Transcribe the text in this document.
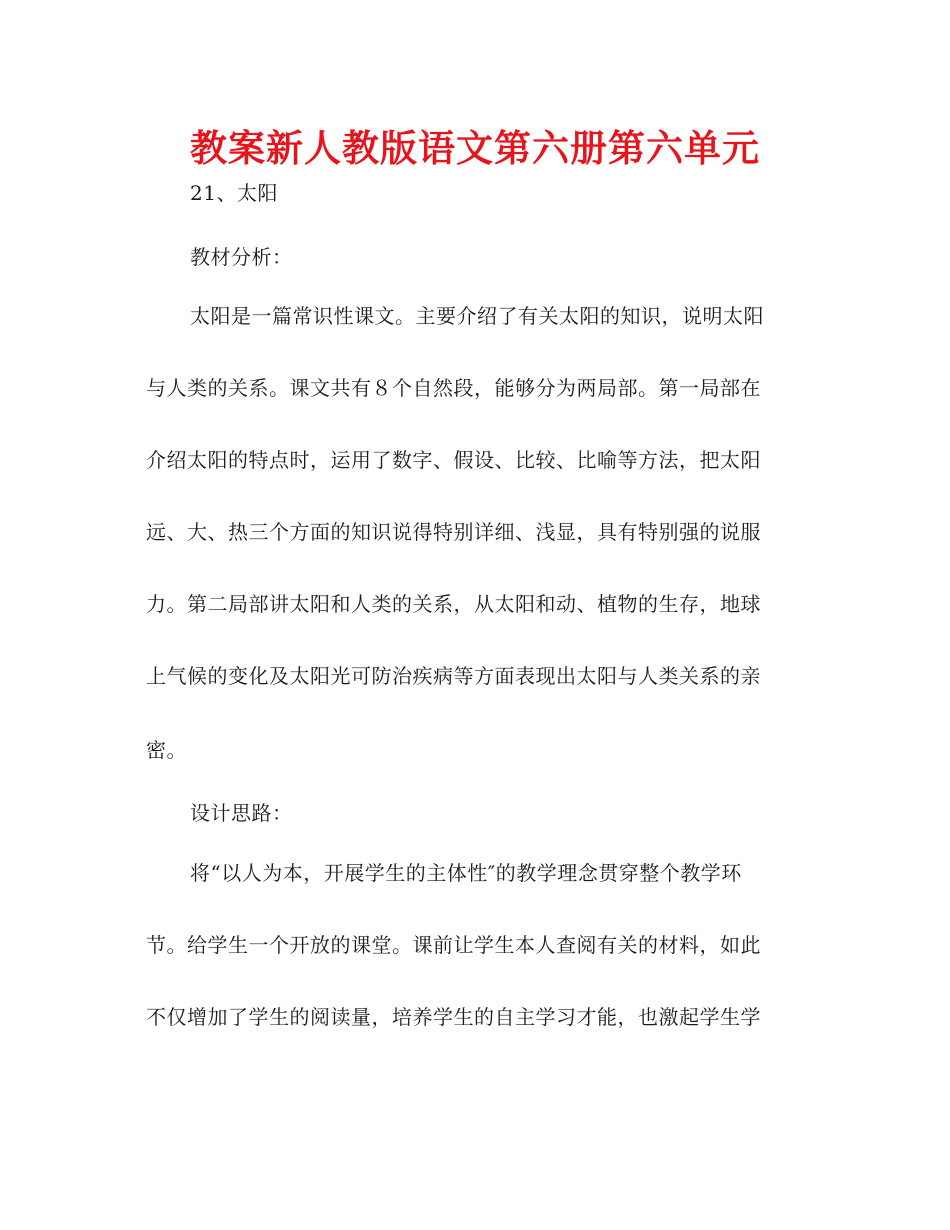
教案新人教版语文第六册第六单元

21、太阳

教材分析：

太阳是一篇常识性课文。主要介绍了有关太阳的知识，说明太阳

与人类的关系。课文共有８个自然段，能够分为两局部。第一局部在

介绍太阳的特点时，运用了数字、假设、比较、比喻等方法，把太阳

远、大、热三个方面的知识说得特别详细、浅显，具有特别强的说服

力。第二局部讲太阳和人类的关系，从太阳和动、植物的生存，地球

上气候的变化及太阳光可防治疾病等方面表现出太阳与人类关系的亲

密。

设计思路：

将“以人为本，开展学生的主体性″的教学理念贯穿整个教学环

节。给学生一个开放的课堂。课前让学生本人查阅有关的材料，如此

不仅增加了学生的阅读量，培养学生的自主学习才能，也激起学生学
